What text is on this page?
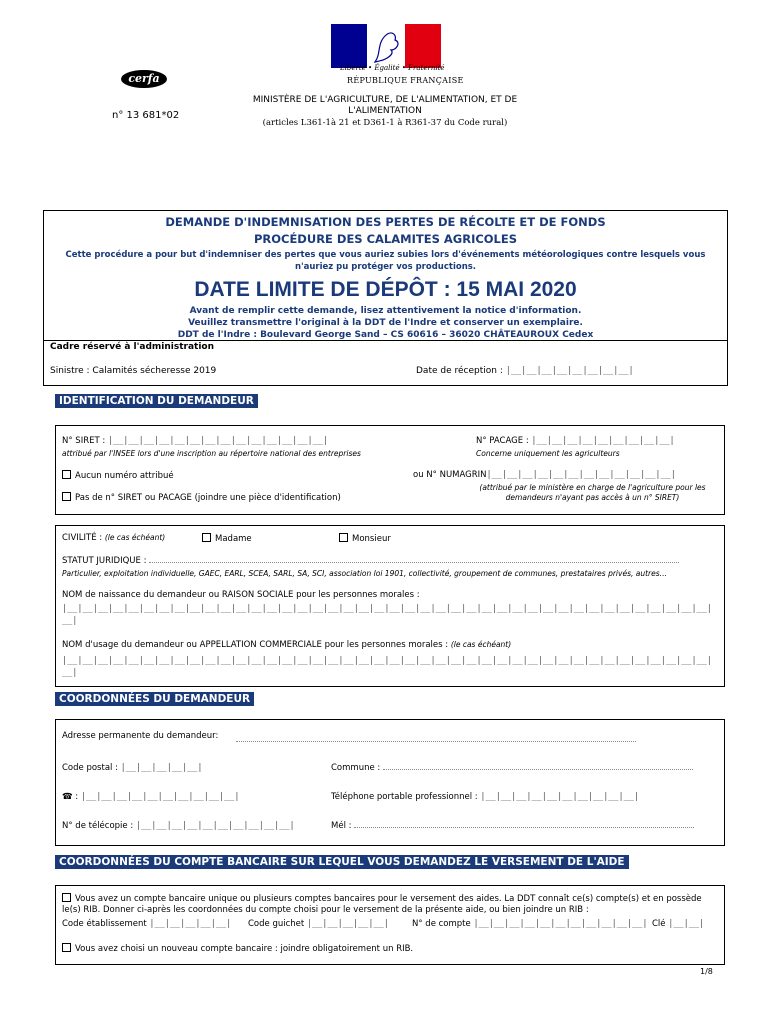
Liberté • Égalité • Fraternité
RÉPUBLIQUE FRANÇAISE
cerfa
n° 13 681*02
MINISTÈRE DE L'AGRICULTURE, DE L'ALIMENTATION, ET DE L'ALIMENTATION
(articles L361-1à 21 et D361-1 à R361-37 du Code rural)
DEMANDE D'INDEMNISATION DES PERTES DE RÉCOLTE ET DE FONDS
PROCÉDURE DES CALAMITES AGRICOLES
Cette procédure a pour but d'indemniser des pertes que vous auriez subies lors d'événements météorologiques contre lesquels vous n'auriez pu protéger vos productions.
DATE LIMITE DE DÉPÔT : 15 MAI 2020
Avant de remplir cette demande, lisez attentivement la notice d'information.
Veuillez transmettre l'original à la DDT de l'Indre et conserver un exemplaire.
DDT de l'Indre : Boulevard George Sand – CS 60616 – 36020 CHÂTEAUROUX Cedex
Cadre réservé à l'administration
Sinistre : Calamités sécheresse 2019	Date de réception : |__|__|__|__|__|__|__|__|
IDENTIFICATION DU DEMANDEUR
N° SIRET : |__|__|__|__|__|__|__|__|__|__|__|__|__|__|
attribué par l'INSEE lors d'une inscription au répertoire national des entreprises
N° PACAGE : |__|__|__|__|__|__|__|__|__|
Concerne uniquement les agriculteurs
Aucun numéro attribué	ou N° NUMAGRIN|__|__|__|__|__|__|__|__|__|__|__|__|
(attribué par le ministère en charge de l'agriculture pour les demandeurs n'ayant pas accès à un n° SIRET)
Pas de n° SIRET ou PACAGE (joindre une pièce d'identification)
CIVILITÉ : (le cas échéant)	Madame	Monsieur
STATUT JURIDIQUE :
Particulier, exploitation individuelle, GAEC, EARL, SCEA, SARL, SA, SCI, association loi 1901, collectivité, groupement de communes, prestataires privés, autres…
NOM de naissance du demandeur ou RAISON SOCIALE pour les personnes morales :
|__|__|__|__|__|__|__|__|__|__|__|__|__|__|__|__|__|__|__|__|__|__|__|__|__|__|__|__|__|__|__|__|__|__|__|__|__|__|__|__|__|__|
__|
NOM d'usage du demandeur ou APPELLATION COMMERCIALE pour les personnes morales : (le cas échéant)
|__|__|__|__|__|__|__|__|__|__|__|__|__|__|__|__|__|__|__|__|__|__|__|__|__|__|__|__|__|__|__|__|__|__|__|__|__|__|__|__|__|__|
__|
COORDONNÉES DU DEMANDEUR
Adresse permanente du demandeur:
Code postal : |__|__|__|__|__|	Commune :
☎ : |__|__|__|__|__|__|__|__|__|__|	Téléphone portable professionnel : |__|__|__|__|__|__|__|__|__|__|
N° de télécopie : |__|__|__|__|__|__|__|__|__|__|	Mél :
COORDONNÉES DU COMPTE BANCAIRE SUR LEQUEL VOUS DEMANDEZ LE VERSEMENT DE L'AIDE
Vous avez un compte bancaire unique ou plusieurs comptes bancaires pour le versement des aides. La DDT connaît ce(s) compte(s) et en possède le(s) RIB. Donner ci-après les coordonnées du compte choisi pour le versement de la présente aide, ou bien joindre un RIB :
Code établissement |__|__|__|__|__| Code guichet |__|__|__|__|__|	N° de compte |__|__|__|__|__|__|__|__|__|__|__| Clé |__|__|
Vous avez choisi un nouveau compte bancaire : joindre obligatoirement un RIB.
1/8
